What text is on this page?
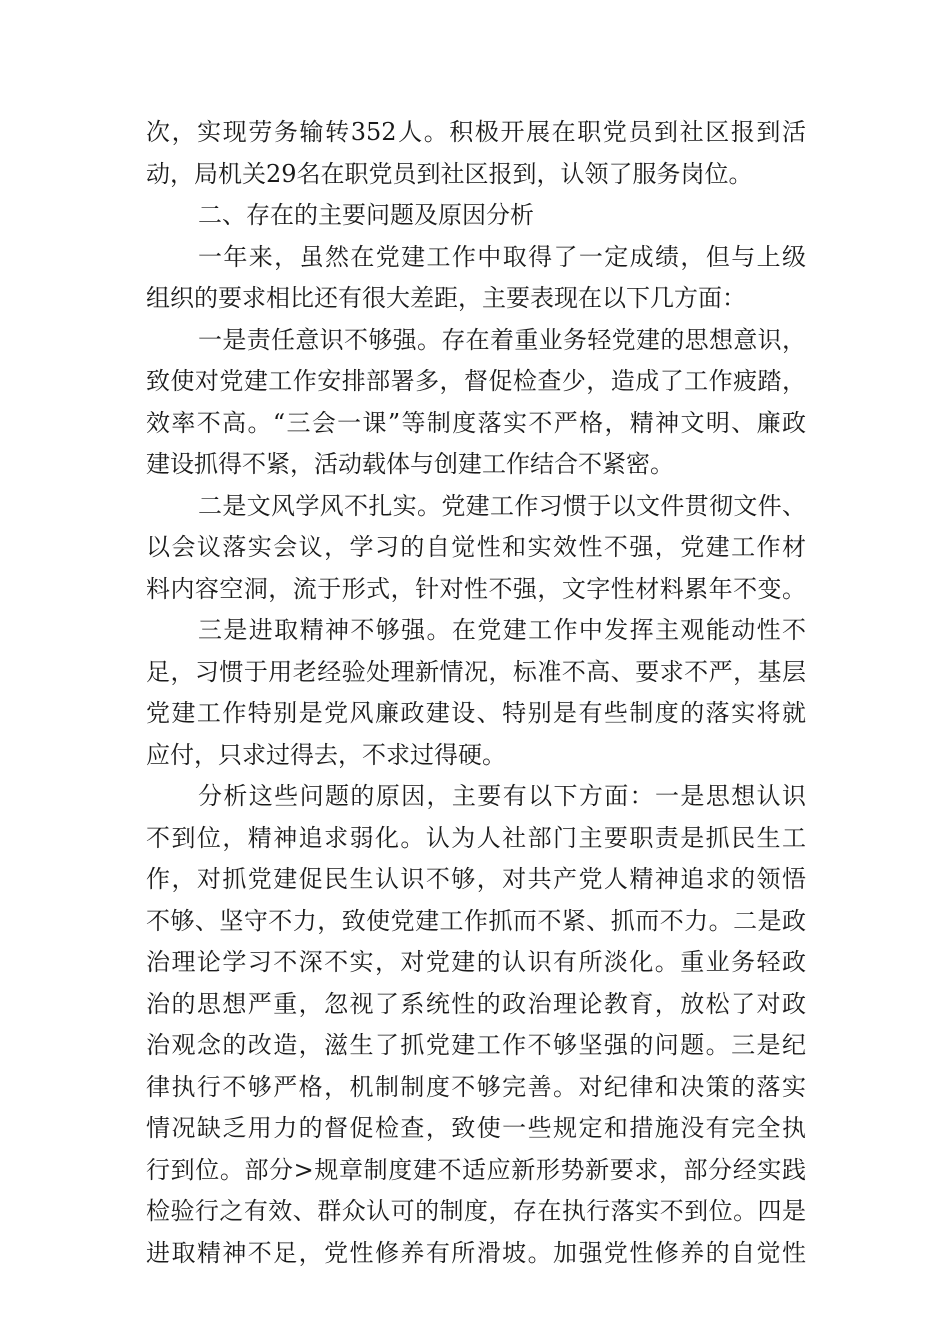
次，实现劳务输转352人。积极开展在职党员到社区报到活
动，局机关29名在职党员到社区报到，认领了服务岗位。
二、存在的主要问题及原因分析
一年来，虽然在党建工作中取得了一定成绩，但与上级
组织的要求相比还有很大差距，主要表现在以下几方面：
一是责任意识不够强。存在着重业务轻党建的思想意识，
致使对党建工作安排部署多，督促检查少，造成了工作疲踏，
效率不高。“三会一课”等制度落实不严格，精神文明、廉政
建设抓得不紧，活动载体与创建工作结合不紧密。
二是文风学风不扎实。党建工作习惯于以文件贯彻文件、
以会议落实会议，学习的自觉性和实效性不强，党建工作材
料内容空洞，流于形式，针对性不强，文字性材料累年不变。
三是进取精神不够强。在党建工作中发挥主观能动性不
足，习惯于用老经验处理新情况，标准不高、要求不严，基层
党建工作特别是党风廉政建设、特别是有些制度的落实将就
应付，只求过得去，不求过得硬。
分析这些问题的原因，主要有以下方面：一是思想认识
不到位，精神追求弱化。认为人社部门主要职责是抓民生工
作，对抓党建促民生认识不够，对共产党人精神追求的领悟
不够、坚守不力，致使党建工作抓而不紧、抓而不力。二是政
治理论学习不深不实，对党建的认识有所淡化。重业务轻政
治的思想严重，忽视了系统性的政治理论教育，放松了对政
治观念的改造，滋生了抓党建工作不够坚强的问题。三是纪
律执行不够严格，机制制度不够完善。对纪律和决策的落实
情况缺乏用力的督促检查，致使一些规定和措施没有完全执
行到位。部分>规章制度建不适应新形势新要求，部分经实践
检验行之有效、群众认可的制度，存在执行落实不到位。四是
进取精神不足，党性修养有所滑坡。加强党性修养的自觉性
